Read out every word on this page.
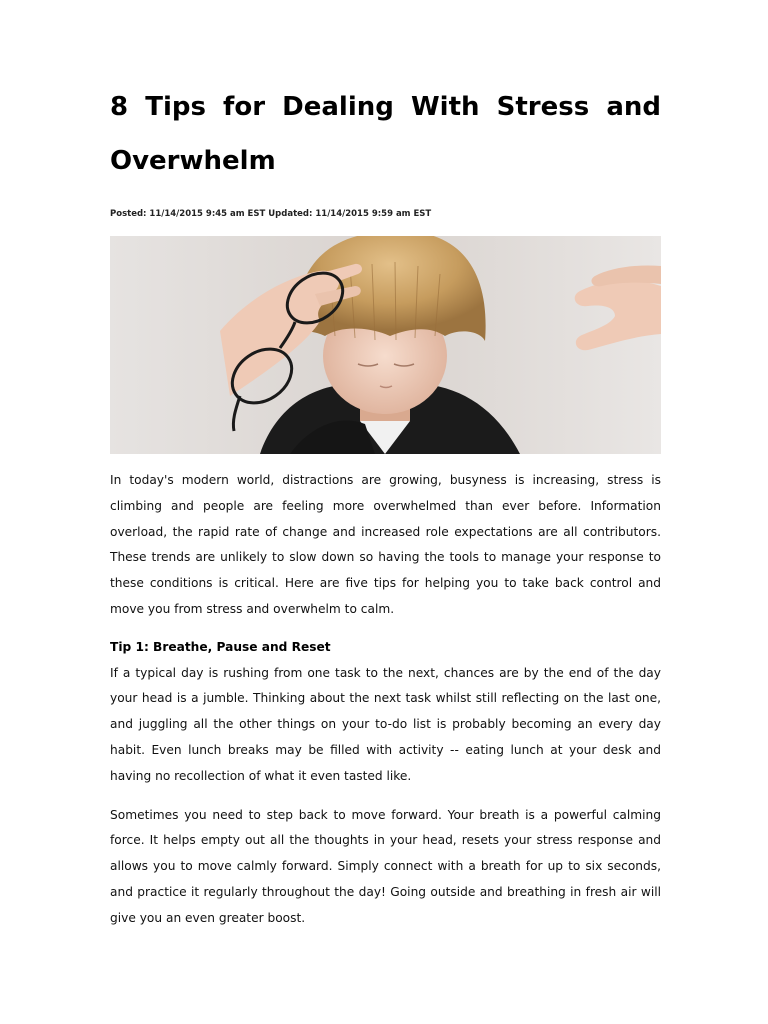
8 Tips for Dealing With Stress and Overwhelm
Posted: 11/14/2015 9:45 am EST Updated: 11/14/2015 9:59 am EST

In today's modern world, distractions are growing, busyness is increasing, stress is climbing and people are feeling more overwhelmed than ever before. Information overload, the rapid rate of change and increased role expectations are all contributors. These trends are unlikely to slow down so having the tools to manage your response to these conditions is critical. Here are five tips for helping you to take back control and move you from stress and overwhelm to calm.

Tip 1: Breathe, Pause and Reset

If a typical day is rushing from one task to the next, chances are by the end of the day your head is a jumble. Thinking about the next task whilst still reflecting on the last one, and juggling all the other things on your to-do list is probably becoming an every day habit. Even lunch breaks may be filled with activity -- eating lunch at your desk and having no recollection of what it even tasted like.

Sometimes you need to step back to move forward. Your breath is a powerful calming force. It helps empty out all the thoughts in your head, resets your stress response and allows you to move calmly forward. Simply connect with a breath for up to six seconds, and practice it regularly throughout the day! Going outside and breathing in fresh air will give you an even greater boost.
